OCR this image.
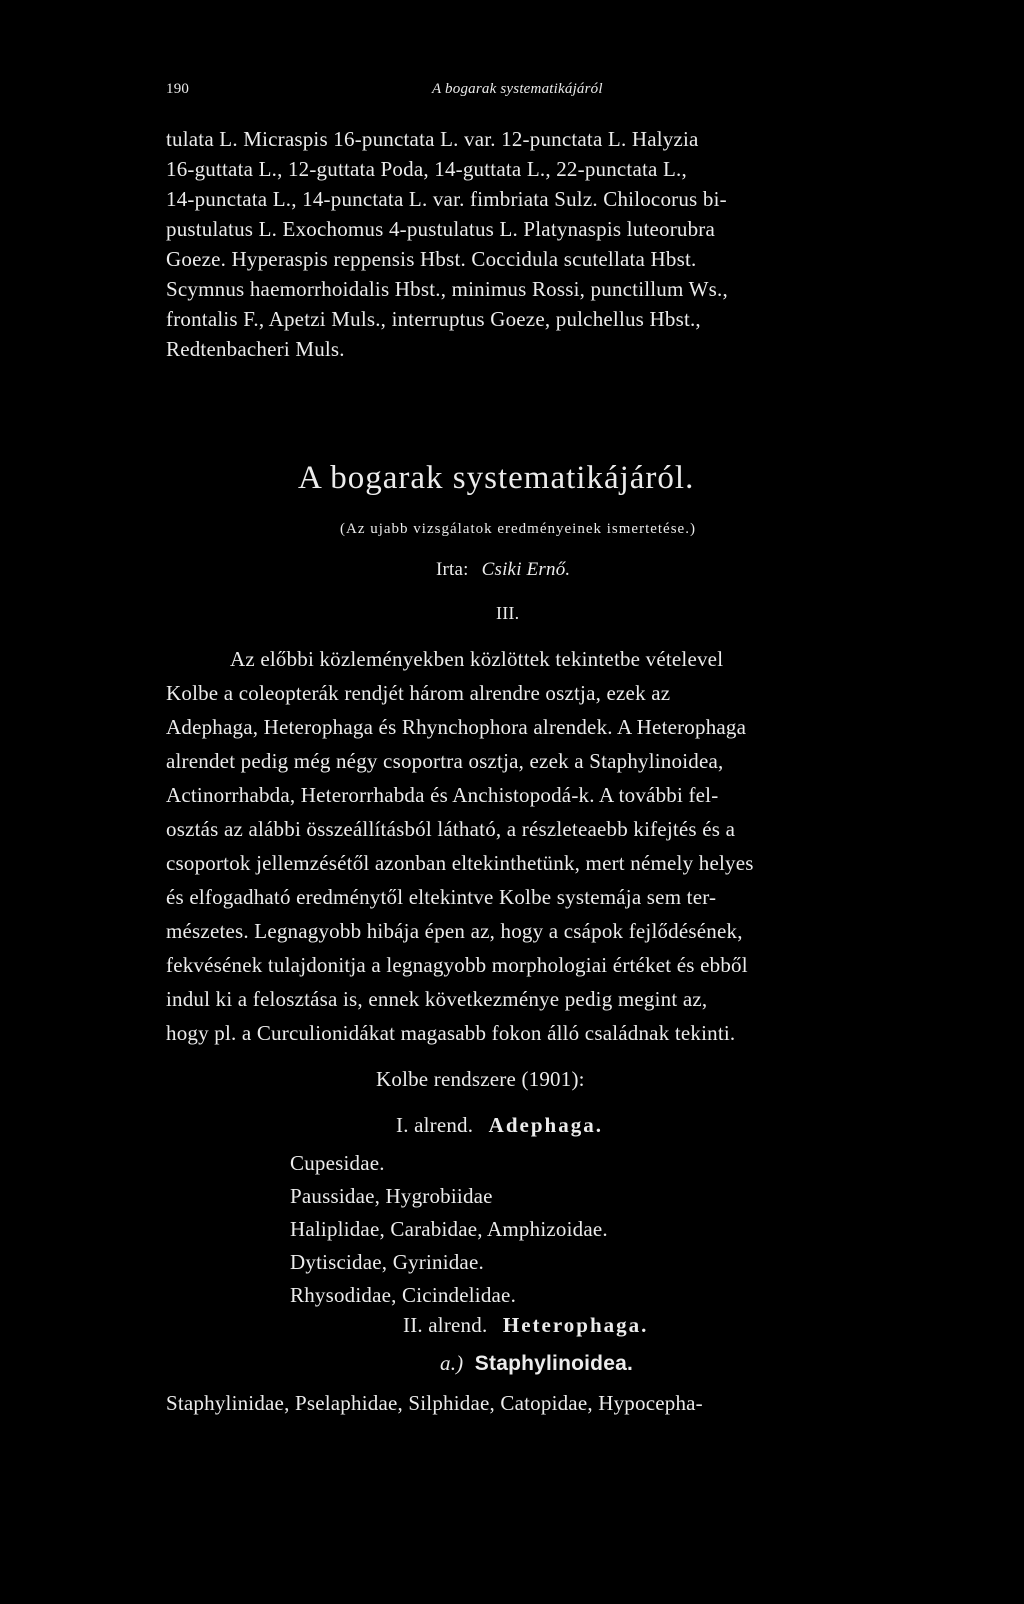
190	A bogarak systematikájáról
tulata L. Micraspis 16-punctata L. var. 12-punctata L. Halyzia
16-guttata L., 12-guttata Poda, 14-guttata L., 22-punctata L.,
14-punctata L., 14-punctata L. var. fimbriata Sulz. Chilocorus bi-
pustulatus L. Exochomus 4-pustulatus L. Platynaspis luteorubra
Goeze. Hyperaspis reppensis Hbst. Coccidula scutellata Hbst.
Scymnus haemorrhoidalis Hbst., minimus Rossi, punctillum Ws.,
frontalis F., Apetzi Muls., interruptus Goeze, pulchellus Hbst.,
Redtenbacheri Muls.
A bogarak systematikájáról.
(Az ujabb vizsgálatok eredményeinek ismertetése.)
Irta: Csiki Ernő.
III.
Az előbbi közleményekben közlöttek tekintetbe vételevel
Kolbe a coleopterák rendjét három alrendre osztja, ezek az
Adephaga, Heterophaga és Rhynchophora alrendek. A Heterophaga
alrendet pedig még négy csoportra osztja, ezek a Staphylinoidea,
Actinorrhabda, Heterorrhabda és Anchistopodá-k. A további fel-
osztás az alábbi összeállításból látható, a részleteaebb kifejtés és a
csoportok jellemzésétől azonban eltekinthetünk, mert némely helyes
és elfogadható eredménytől eltekintve Kolbe systemája sem ter-
mészetes. Legnagyobb hibája épen az, hogy a csápok fejlődésének,
fekvésének tulajdonitja a legnagyobb morphologiai értéket és ebből
indul ki a felosztása is, ennek következménye pedig megint az,
hogy pl. a Curculionidákat magasabb fokon álló családnak tekinti.
Kolbe rendszere (1901):
I. alrend. Adephaga.
Cupesidae.
Paussidae, Hygrobiidae
Haliplidae, Carabidae, Amphizoidae.
Dytiscidae, Gyrinidae.
Rhysodidae, Cicindelidae.
II. alrend. Heterophaga.
a.) Staphylinoidea.
Staphylinidae, Pselaphidae, Silphidae, Catopidae, Hypocepha-
